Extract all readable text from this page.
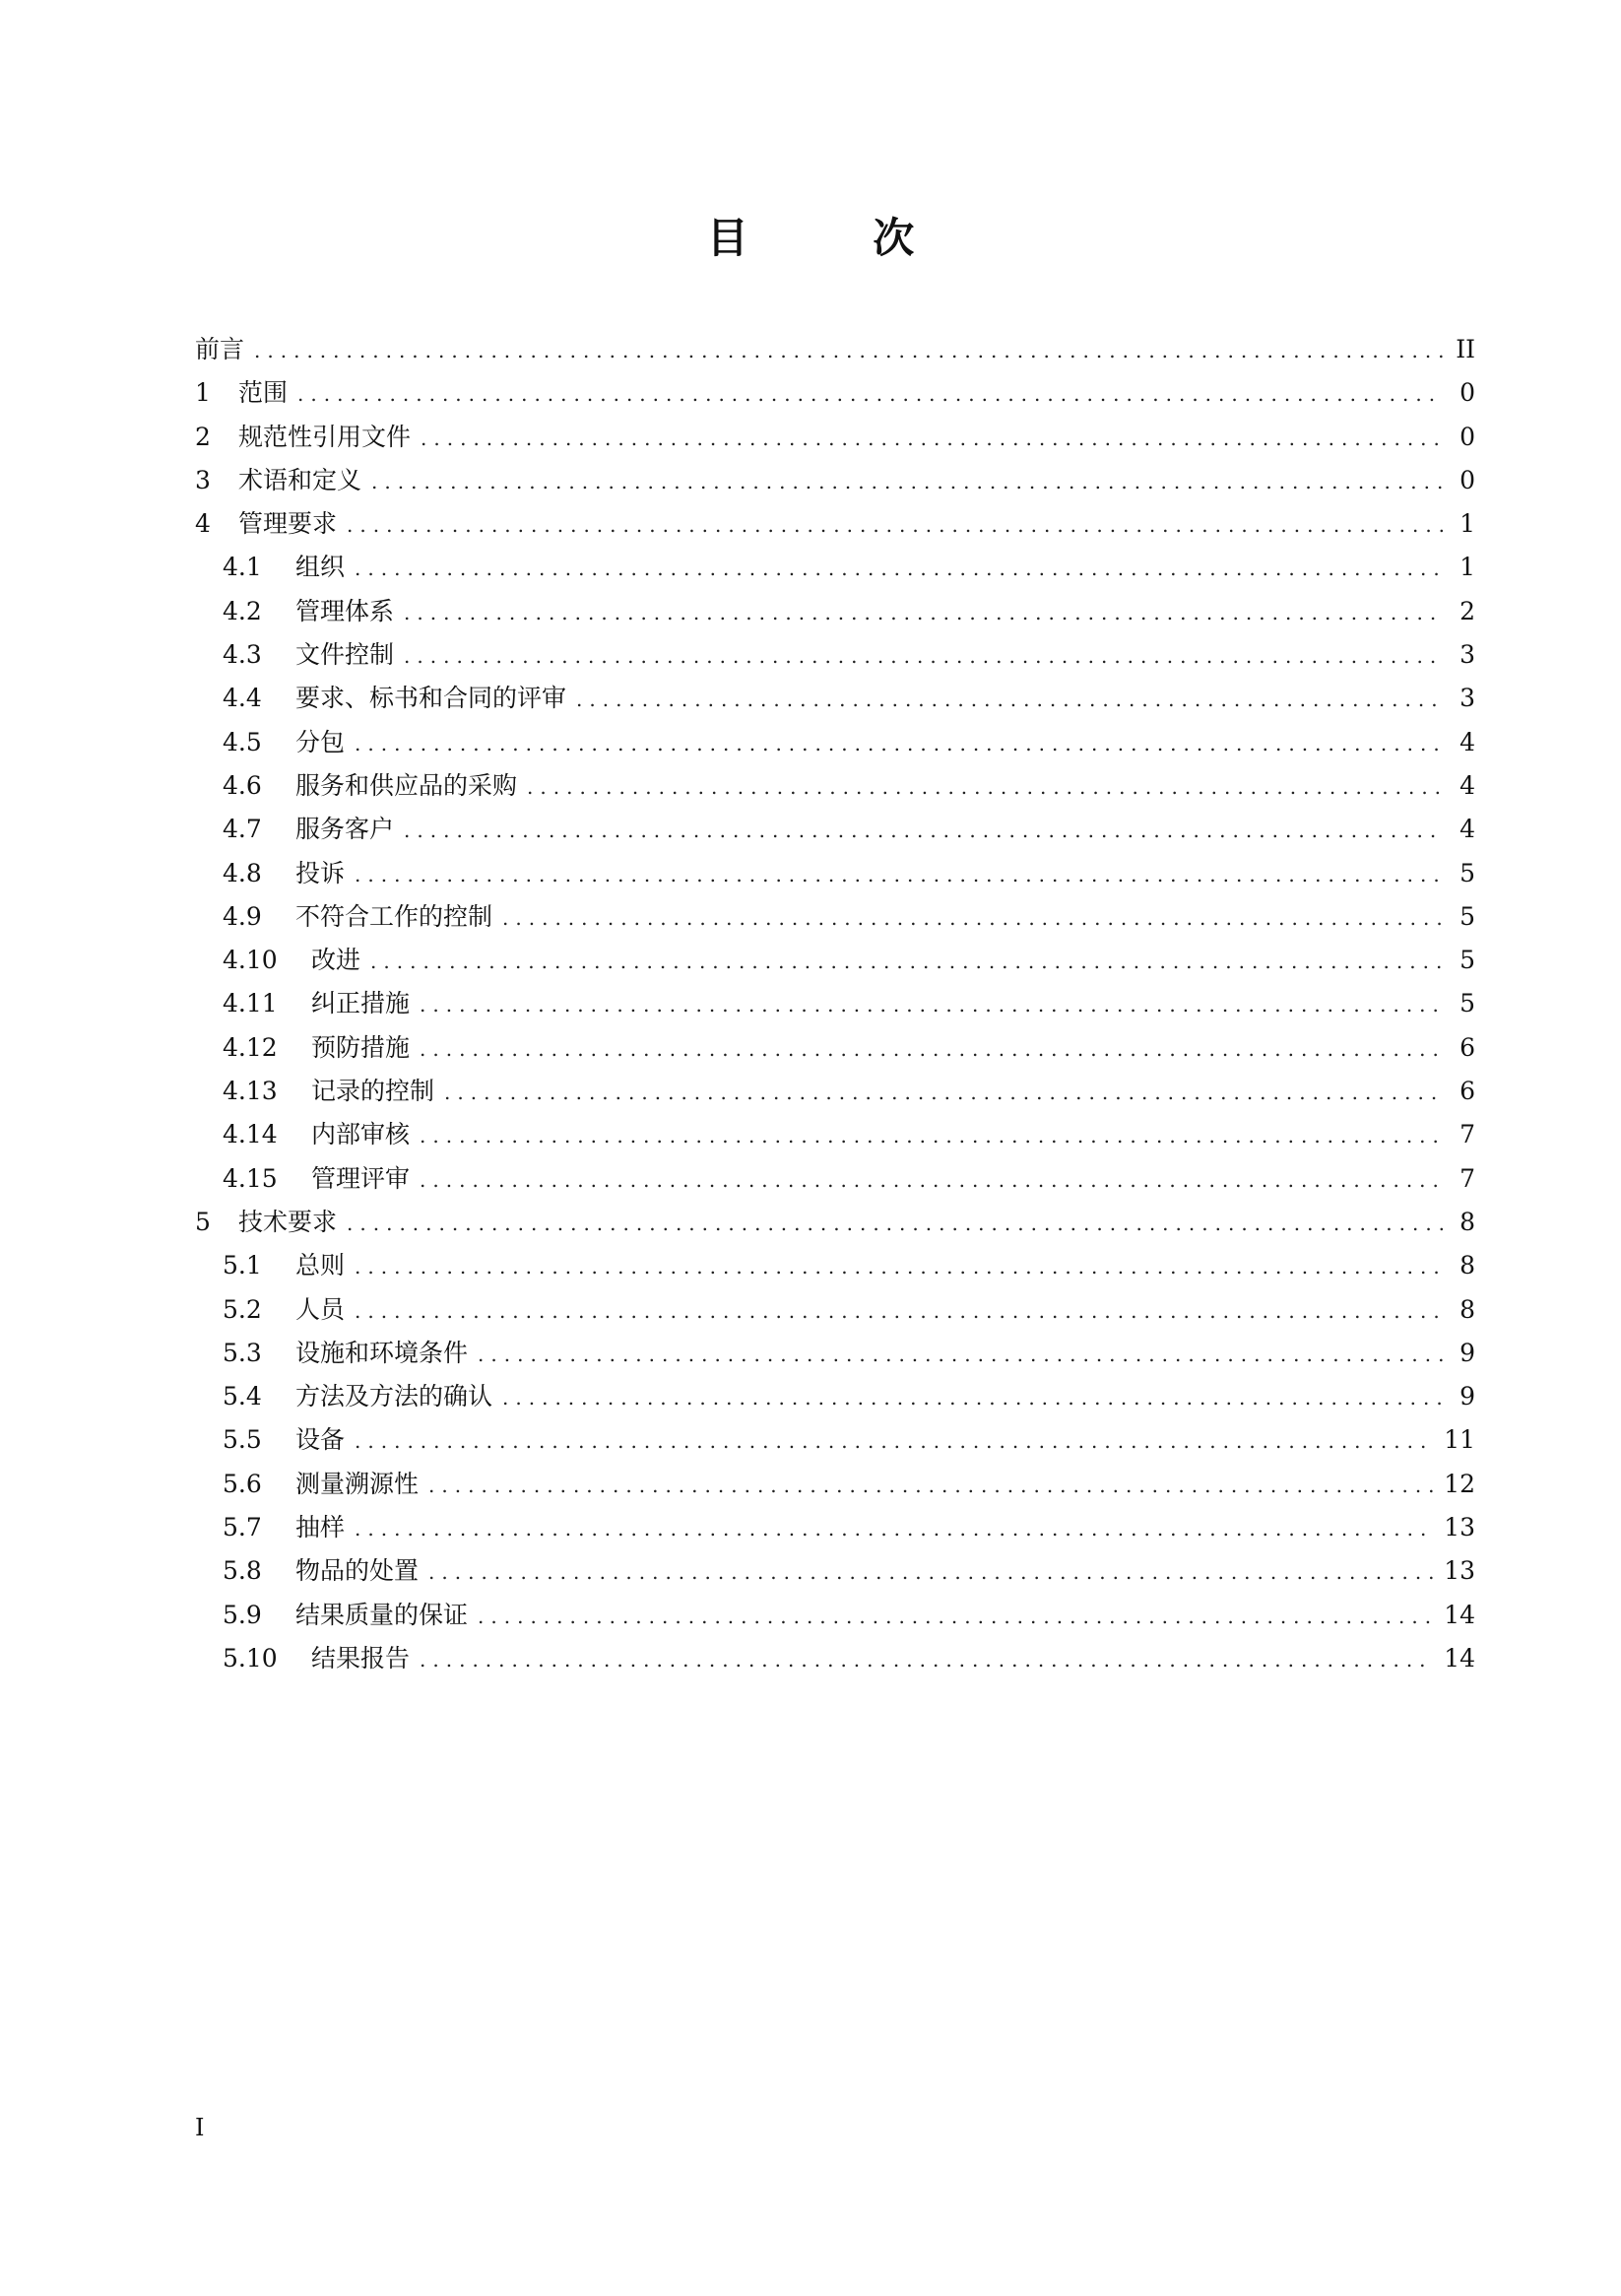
目 次
前言 .....	II
1	范围 .....	0
2	规范性引用文件 .....	0
3	术语和定义 .....	0
4	管理要求 .....	1
4.1	组织 .....	1
4.2	管理体系 .....	2
4.3	文件控制 .....	3
4.4	要求、标书和合同的评审 .....	3
4.5	分包 .....	4
4.6	服务和供应品的采购 .....	4
4.7	服务客户 .....	4
4.8	投诉 .....	5
4.9	不符合工作的控制 .....	5
4.10	改进 .....	5
4.11	纠正措施 .....	5
4.12	预防措施 .....	6
4.13	记录的控制 .....	6
4.14	内部审核 .....	7
4.15	管理评审 .....	7
5	技术要求 .....	8
5.1	总则 .....	8
5.2	人员 .....	8
5.3	设施和环境条件 .....	9
5.4	方法及方法的确认 .....	9
5.5	设备 .....	11
5.6	测量溯源性 .....	12
5.7	抽样 .....	13
5.8	物品的处置 .....	13
5.9	结果质量的保证 .....	14
5.10	结果报告 .....	14
I
